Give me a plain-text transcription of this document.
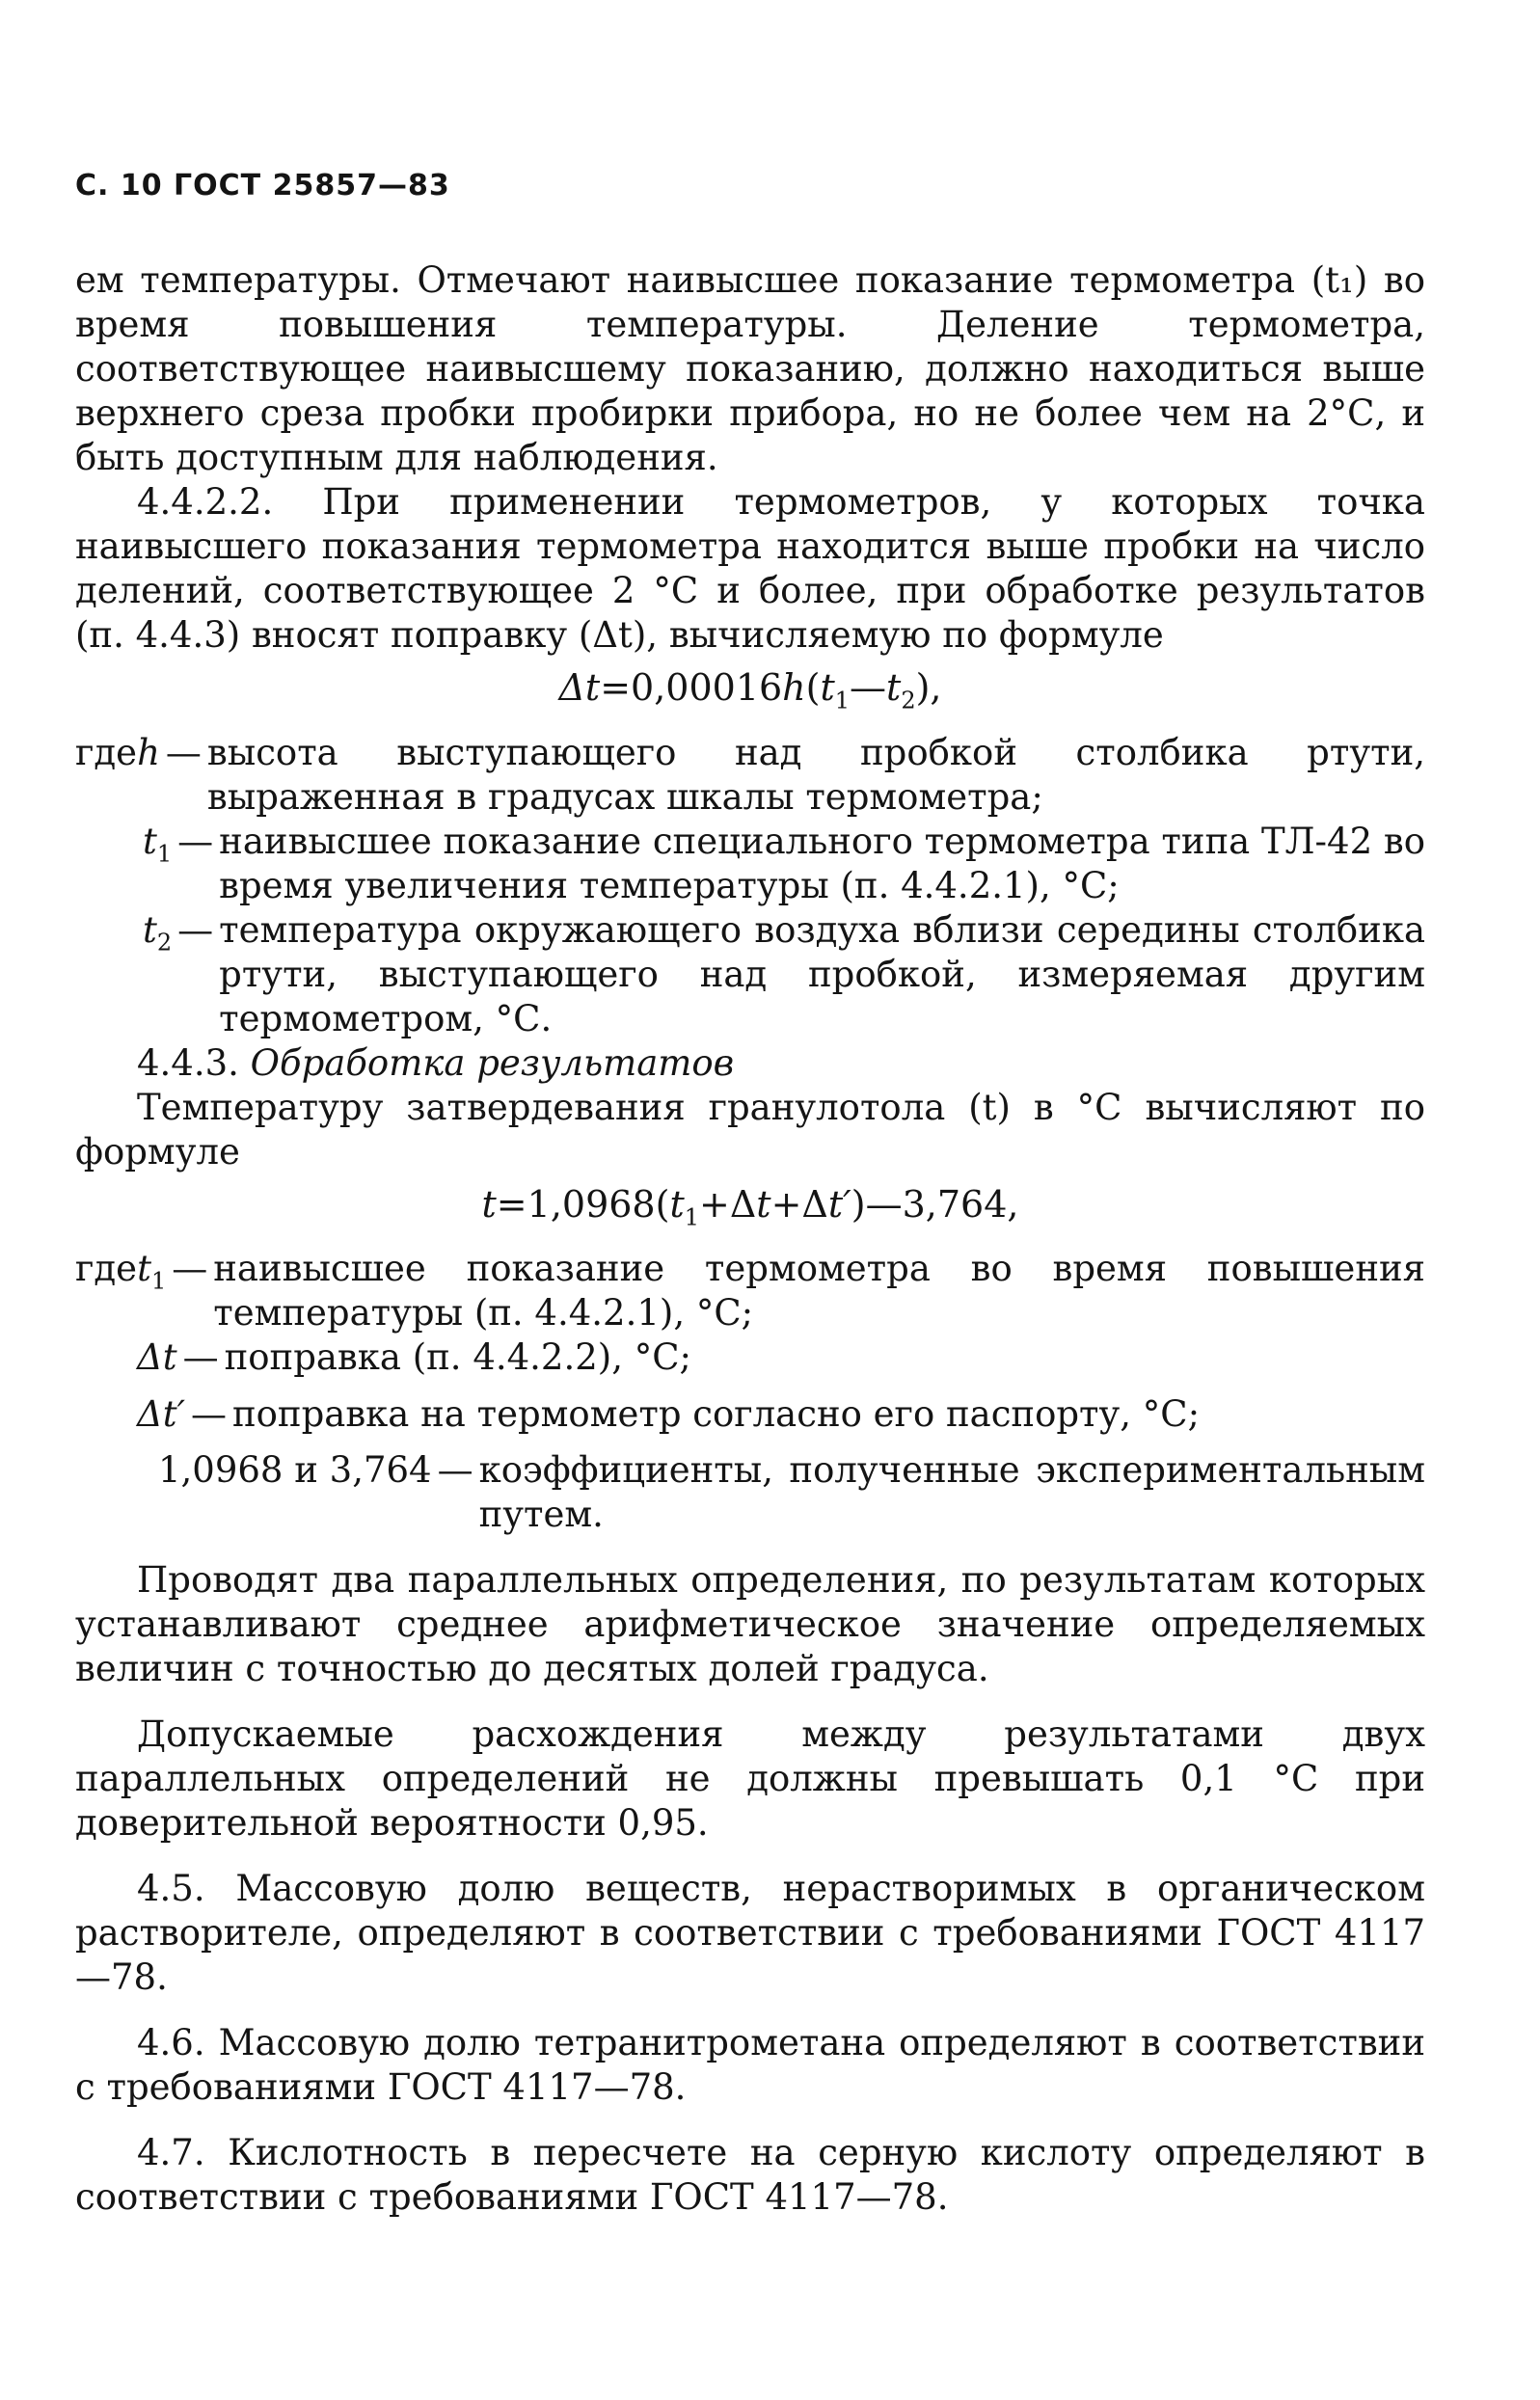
С. 10 ГОСТ 25857—83

ем температуры. Отмечают наивысшее показание термометра (t₁) во время повышения температуры. Деление термометра, соответствующее наивысшему показанию, должно находиться выше верхнего среза пробки пробирки прибора, но не более чем на 2°С, и быть доступным для наблюдения.

4.4.2.2. При применении термометров, у которых точка наивысшего показания термометра находится выше пробки на число делений, соответствующее 2 °С и более, при обработке результатов (п. 4.4.3) вносят поправку (Δt), вычисляемую по формуле

$\Delta t=0,00016h(t_1—t_2)$,
где h — высота выступающего над пробкой столбика ртути, выраженная в градусах шкалы термометра;
$t_1$ — наивысшее показание специального термометра типа ТЛ-42 во время увеличения температуры (п. 4.4.2.1), °С;
$t_2$ — температура окружающего воздуха вблизи середины столбика ртути, выступающего над пробкой, измеряемая другим термометром, °С.

4.4.3. Обработка результатов

Температуру затвердевания гранулотола (t) в °С вычисляют по формуле

$t=1,0968(t_1+\Delta t+\Delta t')—3,764$,
где $t_1$ — наивысшее показание термометра во время повышения температуры (п. 4.4.2.1), °С;
Δt — поправка (п. 4.4.2.2), °С;
Δt′ — поправка на термометр согласно его паспорту, °С;
1,0968 и 3,764 — коэффициенты, полученные экспериментальным путем.

Проводят два параллельных определения, по результатам которых устанавливают среднее арифметическое значение определяемых величин с точностью до десятых долей градуса.

Допускаемые расхождения между результатами двух параллельных определений не должны превышать 0,1 °С при доверительной вероятности 0,95.

4.5. Массовую долю веществ, нерастворимых в органическом растворителе, определяют в соответствии с требованиями ГОСТ 4117—78.

4.6. Массовую долю тетранитрометана определяют в соответствии с требованиями ГОСТ 4117—78.

4.7. Кислотность в пересчете на серную кислоту определяют в соответствии с требованиями ГОСТ 4117—78.
